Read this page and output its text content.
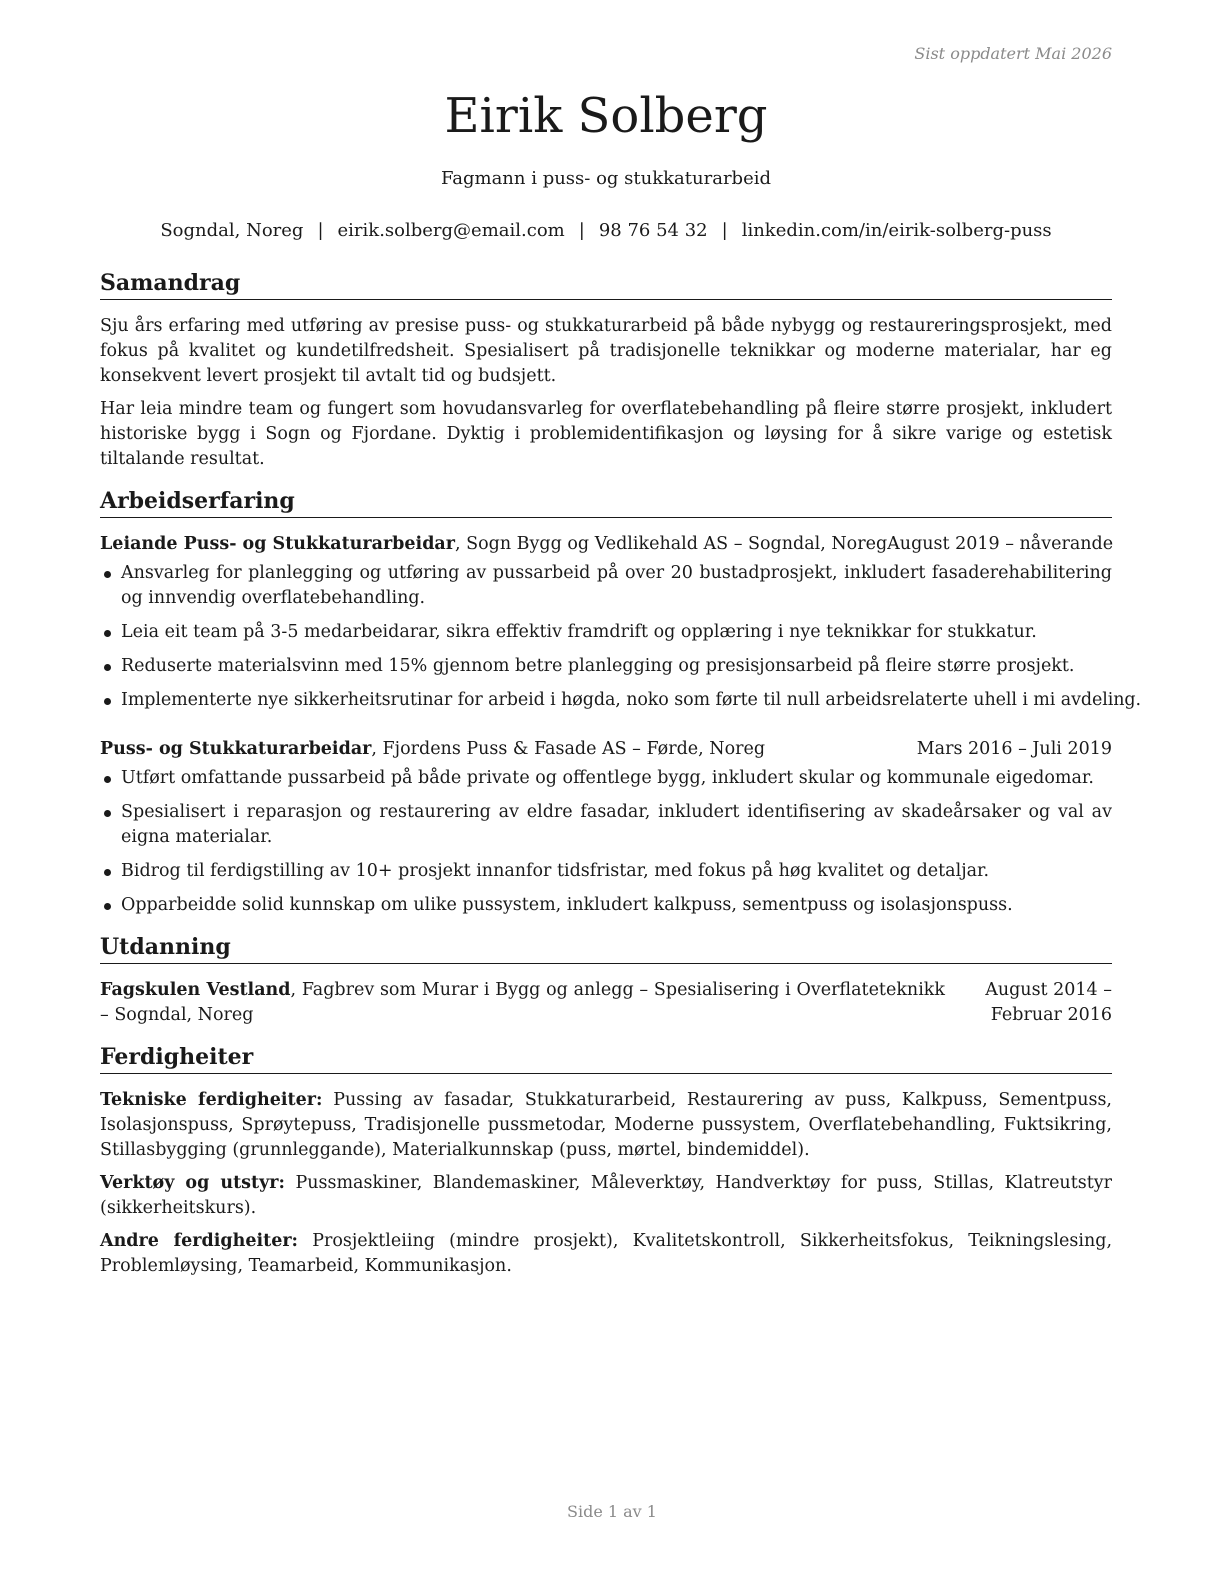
Sist oppdatert Mai 2026
Eirik Solberg
Fagmann i puss- og stukkaturarbeid
Sogndal, Noreg | eirik.solberg@email.com | 98 76 54 32 | linkedin.com/in/eirik-solberg-puss
Samandrag

Sju års erfaring med utføring av presise puss- og stukkaturarbeid på både nybygg og restaureringsprosjekt, med fokus på kvalitet og kundetilfredsheit. Spesialisert på tradisjonelle teknikkar og moderne materialar, har eg konsekvent levert prosjekt til avtalt tid og budsjett.

Har leia mindre team og fungert som hovudansvarleg for overflatebehandling på fleire større prosjekt, inkludert historiske bygg i Sogn og Fjordane. Dyktig i problemidentifikasjon og løysing for å sikre varige og estetisk tiltalande resultat.

Arbeidserfaring
Leiande Puss- og Stukkaturarbeidar, Sogn Bygg og Vedlikehald AS – Sogndal, Noreg August 2019 – nåverande
Ansvarleg for planlegging og utføring av pussarbeid på over 20 bustadprosjekt, inkludert fasaderehabilitering og innvendig overflatebehandling.
Leia eit team på 3-5 medarbeidarar, sikra effektiv framdrift og opplæring i nye teknikkar for stukkatur.
Reduserte materialsvinn med 15% gjennom betre planlegging og presisjonsarbeid på fleire større prosjekt.
Implementerte nye sikkerheitsrutinar for arbeid i høgda, noko som førte til null arbeidsrelaterte uhell i mi avdeling.
Puss- og Stukkaturarbeidar, Fjordens Puss & Fasade AS – Førde, Noreg	Mars 2016 – Juli 2019
Utført omfattande pussarbeid på både private og offentlege bygg, inkludert skular og kommunale eigedomar.
Spesialisert i reparasjon og restaurering av eldre fasadar, inkludert identifisering av skadeårsaker og val av eigna materialar.
Bidrog til ferdigstilling av 10+ prosjekt innanfor tidsfristar, med fokus på høg kvalitet og detaljar.
Opparbeidde solid kunnskap om ulike pussystem, inkludert kalkpuss, sementpuss og isolasjonspuss.
Utdanning
Fagskulen Vestland, Fagbrev som Murar i Bygg og anlegg – Spesialisering i Overflateteknikk – Sogndal, Noreg
August 2014 – Februar 2016
Ferdigheiter

Tekniske ferdigheiter: Pussing av fasadar, Stukkaturarbeid, Restaurering av puss, Kalkpuss, Sementpuss, Isolasjonspuss, Sprøytepuss, Tradisjonelle pussmetodar, Moderne pussystem, Overflatebehandling, Fuktsikring, Stillasbygging (grunnleggande), Materialkunnskap (puss, mørtel, bindemiddel).

Verktøy og utstyr: Pussmaskiner, Blandemaskiner, Måleverktøy, Handverktøy for puss, Stillas, Klatreutstyr (sikkerheitskurs).

Andre ferdigheiter: Prosjektleiing (mindre prosjekt), Kvalitetskontroll, Sikkerheitsfokus, Teikningslesing, Problemløysing, Teamarbeid, Kommunikasjon.

Side 1 av 1
